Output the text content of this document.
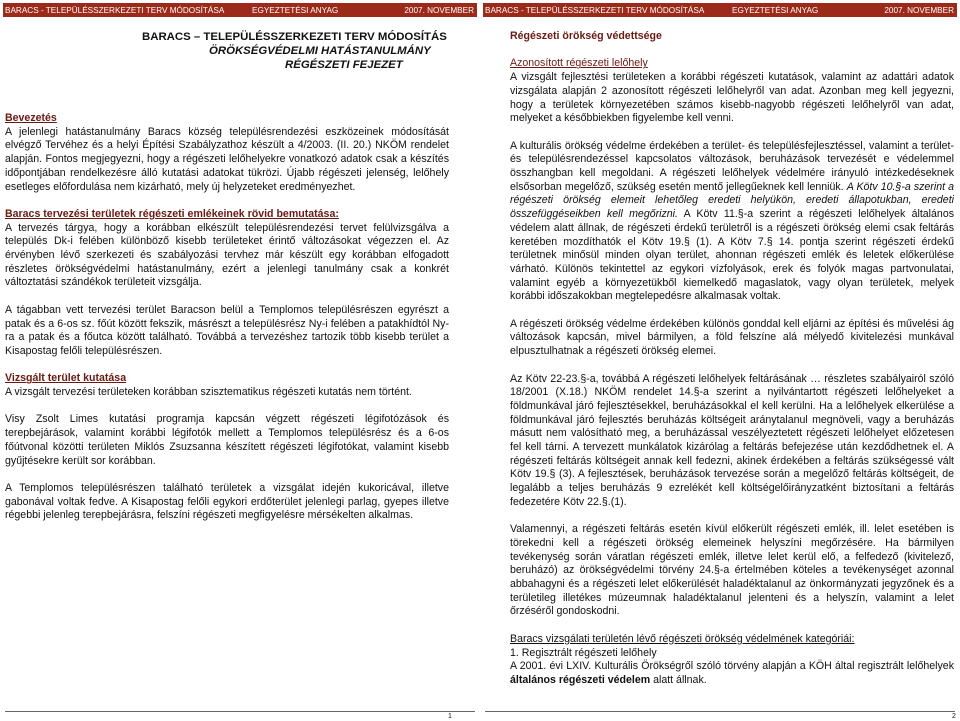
BARACS - TELEPÜLÉSSZERKEZETI TERV MÓDOSÍTÁSA	EGYEZTETÉSI ANYAG	2007. NOVEMBER
BARACS – TELEPÜLÉSSZERKEZETI TERV MÓDOSÍTÁS
ÖRÖKSÉGVÉDELMI HATÁSTANULMÁNY
RÉGÉSZETI FEJEZET

Bevezetés

A jelenlegi hatástanulmány Baracs község településrendezési eszközeinek módosítását elvégző Tervéhez és a helyi Építési Szabályzathoz készült a 4/2003. (II. 20.) NKÖM rendelet alapján. Fontos megjegyezni, hogy a régészeti lelőhelyekre vonatkozó adatok csak a készítés időpontjában rendelkezésre álló kutatási adatokat tükrözi. Újabb régészeti jelenség, lelőhely esetleges előfordulása nem kizárható, mely új helyzeteket eredményezhet.

Baracs tervezési területek régészeti emlékeinek rövid bemutatása:

A tervezés tárgya, hogy a korábban elkészült településrendezési tervet felülvizsgálva a település Dk-i felében különböző kisebb területeket érintő változásokat végezzen el. Az érvényben lévő szerkezeti és szabályozási tervhez már készült egy korábban elfogadott részletes örökségvédelmi hatástanulmány, ezért a jelenlegi tanulmány csak a konkrét változtatási szándékok területeit vizsgálja.

A tágabban vett tervezési terület Baracson belül a Templomos településrészen egyrészt a patak és a 6-os sz. főút között fekszik, másrészt a településrész Ny-i felében a patakhídtól Ny-ra a patak és a főutca között található. Továbbá a tervezéshez tartozik több kisebb terület a Kisapostag felőli településrészen.

Vizsgált terület kutatása

A vizsgált tervezési területeken korábban szisztematikus régészeti kutatás nem történt.

Visy Zsolt Limes kutatási programja kapcsán végzett régészeti légifotózások és terepbejárások, valamint korábbi légifotók mellett a Templomos településrész és a 6-os főútvonal közötti területen Miklós Zsuzsanna készített régészeti légifotókat, valamint kisebb gyűjtésekre került sor korábban.

A Templomos településrészen található területek a vizsgálat idején kukoricával, illetve gabonával voltak fedve. A Kisapostag felőli egykori erdőterület jelenlegi parlag, gyepes illetve régebbi jelenleg terepbejárásra, felszíni régészeti megfigyelésre mérsékelten alkalmas.

1
BARACS - TELEPÜLÉSSZERKEZETI TERV MÓDOSÍTÁSA	EGYEZTETÉSI ANYAG	2007. NOVEMBER

Régészeti örökség védettsége

Azonosított régészeti lelőhely

A vizsgált fejlesztési területeken a korábbi régészeti kutatások, valamint az adattári adatok vizsgálata alapján 2 azonosított régészeti lelőhelyről van adat. Azonban meg kell jegyezni, hogy a területek környezetében számos kisebb-nagyobb régészeti lelőhelyről van adat, melyeket a későbbiekben figyelembe kell venni.

A kulturális örökség védelme érdekében a terület- és településfejlesztéssel, valamint a terület- és településrendezéssel kapcsolatos változások, beruházások tervezését e védelemmel összhangban kell megoldani. A régészeti lelőhelyek védelmére irányuló intézkedéseknek elsősorban megelőző, szükség esetén mentő jellegűeknek kell lenniük. A Kötv 10.§-a szerint a régészeti örökség elemeit lehetőleg eredeti helyükön, eredeti állapotukban, eredeti összefüggéseikben kell megőrizni. A Kötv 11.§-a szerint a régészeti lelőhelyek általános védelem alatt állnak, de régészeti érdekű területről is a régészeti örökség elemi csak feltárás keretében mozdíthatók el Kötv 19.§ (1). A Kötv 7.§ 14. pontja szerint régészeti érdekű területnek minősül minden olyan terület, ahonnan régészeti emlék és leletek előkerülése várható. Különös tekintettel az egykori vízfolyások, erek és folyók magas partvonulatai, valamint egyéb a környezetükből kiemelkedő magaslatok, vagy olyan területek, melyek korábbi időszakokban megtelepedésre alkalmasak voltak.

A régészeti örökség védelme érdekében különös gonddal kell eljárni az építési és művelési ág változások kapcsán, mivel bármilyen, a föld felszíne alá mélyedő kivitelezési munkával elpusztulhatnak a régészeti örökség elemei.

Az Kötv 22-23.§-a, továbbá A régészeti lelőhelyek feltárásának … részletes szabályairól szóló 18/2001 (X.18.) NKÖM rendelet 14.§-a szerint a nyilvántartott régészeti lelőhelyeket a földmunkával járó fejlesztésekkel, beruházásokkal el kell kerülni. Ha a lelőhelyek elkerülése a földmunkával járó fejlesztés beruházás költségeit aránytalanul megnöveli, vagy a beruházás másutt nem valósítható meg, a beruházással veszélyeztetett régészeti lelőhelyet előzetesen fel kell tárni. A tervezett munkálatok kizárólag a feltárás befejezése után kezdődhetnek el. A régészeti feltárás költségeit annak kell fedezni, akinek érdekében a feltárás szükségessé vált Kötv 19.§ (3). A fejlesztések, beruházások tervezése során a megelőző feltárás költségeit, de legalább a teljes beruházás 9 ezrelékét kell költségelőirányzatként biztosítani a feltárás fedezetére Kötv 22.§.(1).

Valamennyi, a régészeti feltárás esetén kívül előkerült régészeti emlék, ill. lelet esetében is törekedni kell a régészeti örökség elemeinek helyszíni megőrzésére. Ha bármilyen tevékenység során váratlan régészeti emlék, illetve lelet kerül elő, a felfedező (kivitelező, beruházó) az örökségvédelmi törvény 24.§-a értelmében köteles a tevékenységet azonnal abbahagyni és a régészeti lelet előkerülését haladéktalanul az önkormányzati jegyzőnek és a területileg illetékes múzeumnak haladéktalanul jelenteni és a helyszín, valamint a lelet őrzéséről gondoskodni.

Baracs vizsgálati területén lévő régészeti örökség védelmének kategóriái:

1. Regisztrált régészeti lelőhely

A 2001. évi LXIV. Kulturális Örökségről szóló törvény alapján a KÖH által regisztrált lelőhelyek általános régészeti védelem alatt állnak.

2
